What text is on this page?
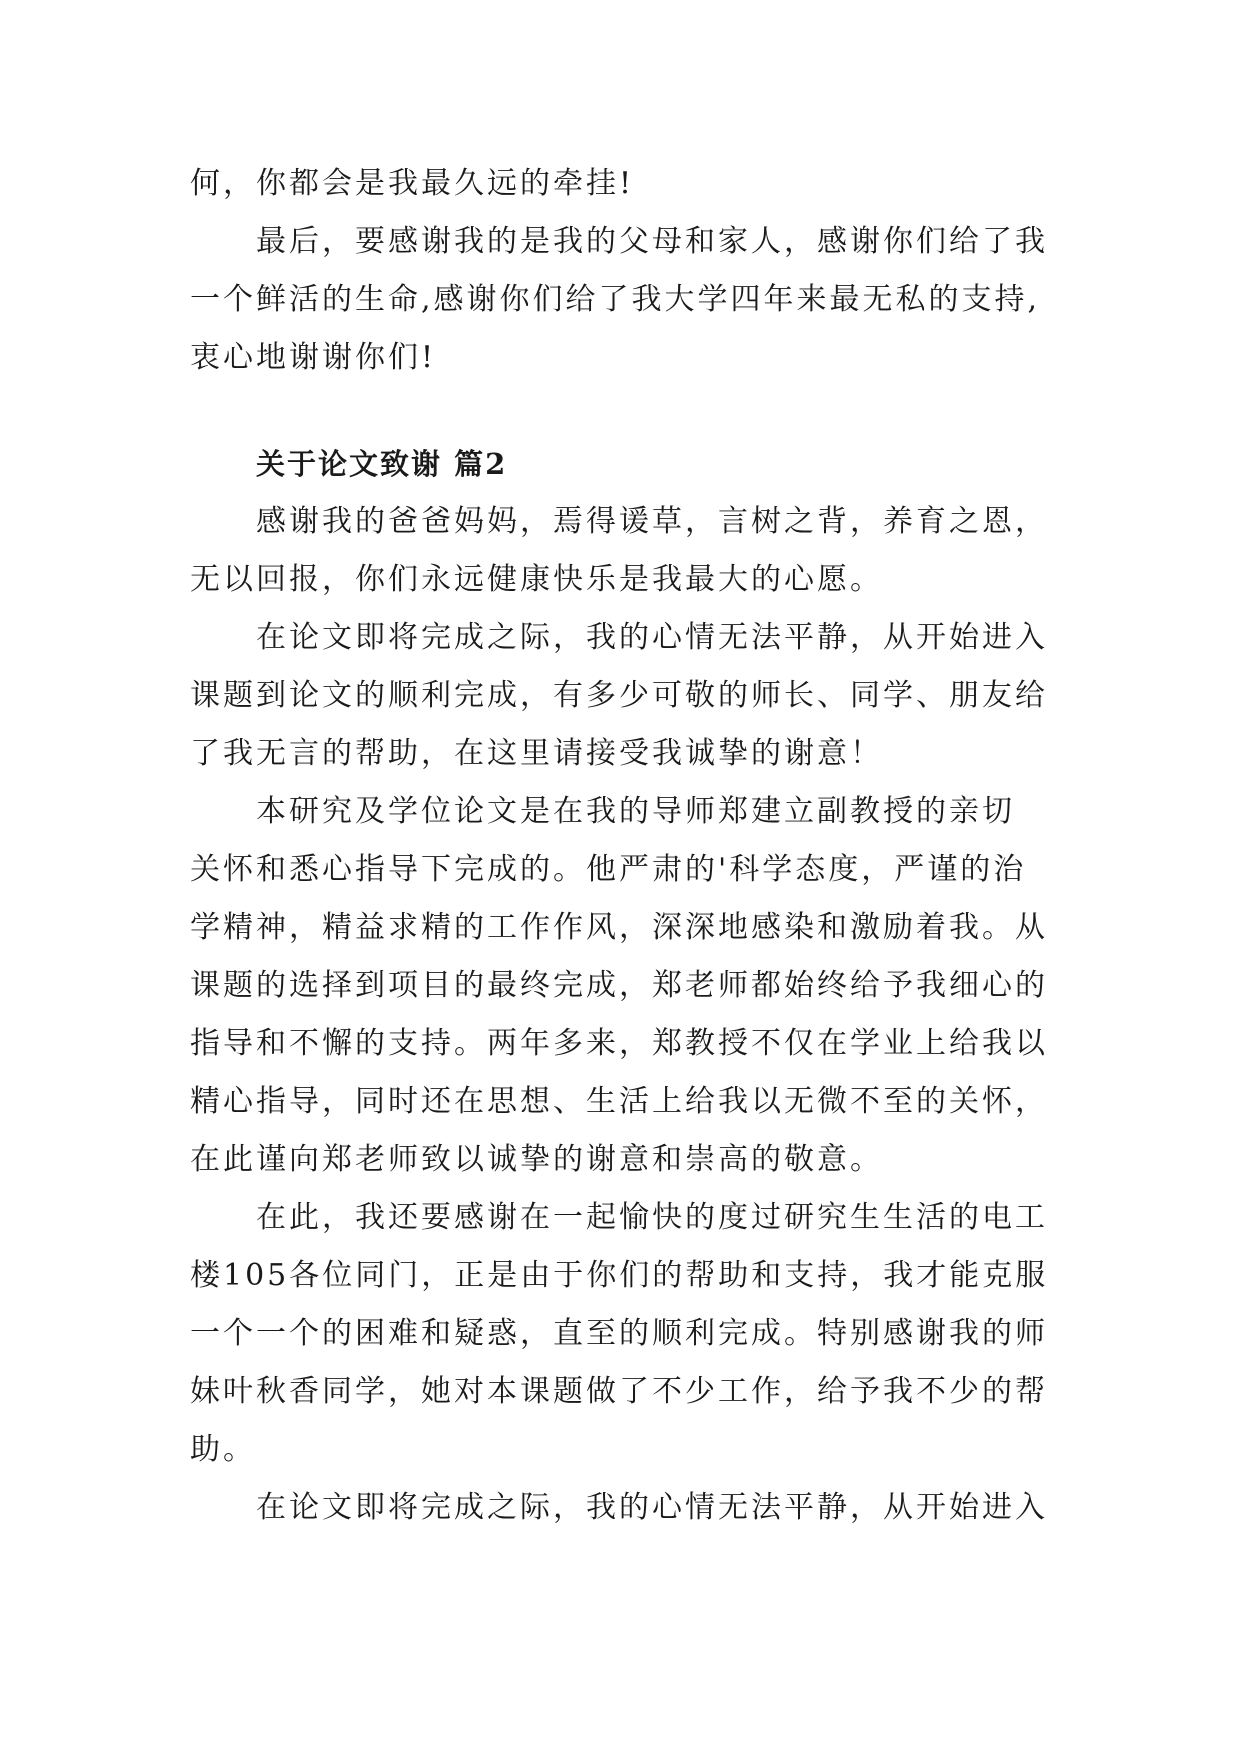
何，你都会是我最久远的牵挂!

最后，要感谢我的是我的父母和家人，感谢你们给了我
一个鲜活的生命,感谢你们给了我大学四年来最无私的支持,
衷心地谢谢你们!

关于论文致谢 篇2

感谢我的爸爸妈妈，焉得谖草，言树之背，养育之恩，
无以回报，你们永远健康快乐是我最大的心愿。

在论文即将完成之际，我的心情无法平静，从开始进入
课题到论文的顺利完成，有多少可敬的师长、同学、朋友给
了我无言的帮助，在这里请接受我诚挚的谢意！

本研究及学位论文是在我的导师郑建立副教授的亲切
关怀和悉心指导下完成的。他严肃的'科学态度，严谨的治
学精神，精益求精的工作作风，深深地感染和激励着我。从
课题的选择到项目的最终完成，郑老师都始终给予我细心的
指导和不懈的支持。两年多来，郑教授不仅在学业上给我以
精心指导，同时还在思想、生活上给我以无微不至的关怀，
在此谨向郑老师致以诚挚的谢意和崇高的敬意。

在此，我还要感谢在一起愉快的度过研究生生活的电工
楼105各位同门，正是由于你们的帮助和支持，我才能克服
一个一个的困难和疑惑，直至的顺利完成。特别感谢我的师
妹叶秋香同学，她对本课题做了不少工作，给予我不少的帮
助。

在论文即将完成之际，我的心情无法平静，从开始进入
